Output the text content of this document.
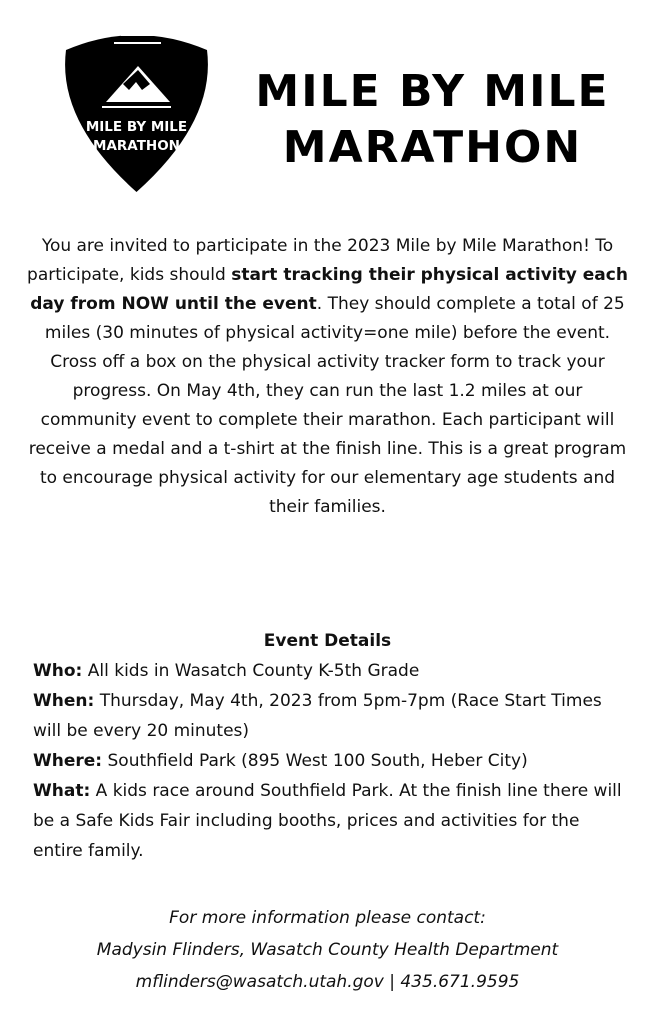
MILE BY MILE
MARATHON
MILE BY MILE
MARATHON

You are invited to participate in the 2023 Mile by Mile Marathon! To participate, kids should start tracking their physical activity each day from NOW until the event. They should complete a total of 25 miles (30 minutes of physical activity=one mile) before the event. Cross off a box on the physical activity tracker form to track your progress. On May 4th, they can run the last 1.2 miles at our community event to complete their marathon. Each participant will receive a medal and a t-shirt at the finish line. This is a great program to encourage physical activity for our elementary age students and their families.

Event Details

Who: All kids in Wasatch County K-5th Grade

When: Thursday, May 4th, 2023 from 5pm-7pm (Race Start Times will be every 20 minutes)

Where: Southfield Park (895 West 100 South, Heber City)

What: A kids race around Southfield Park. At the finish line there will be a Safe Kids Fair including booths, prices and activities for the entire family.

For more information please contact:
Madysin Flinders, Wasatch County Health Department
mflinders@wasatch.utah.gov | 435.671.9595
